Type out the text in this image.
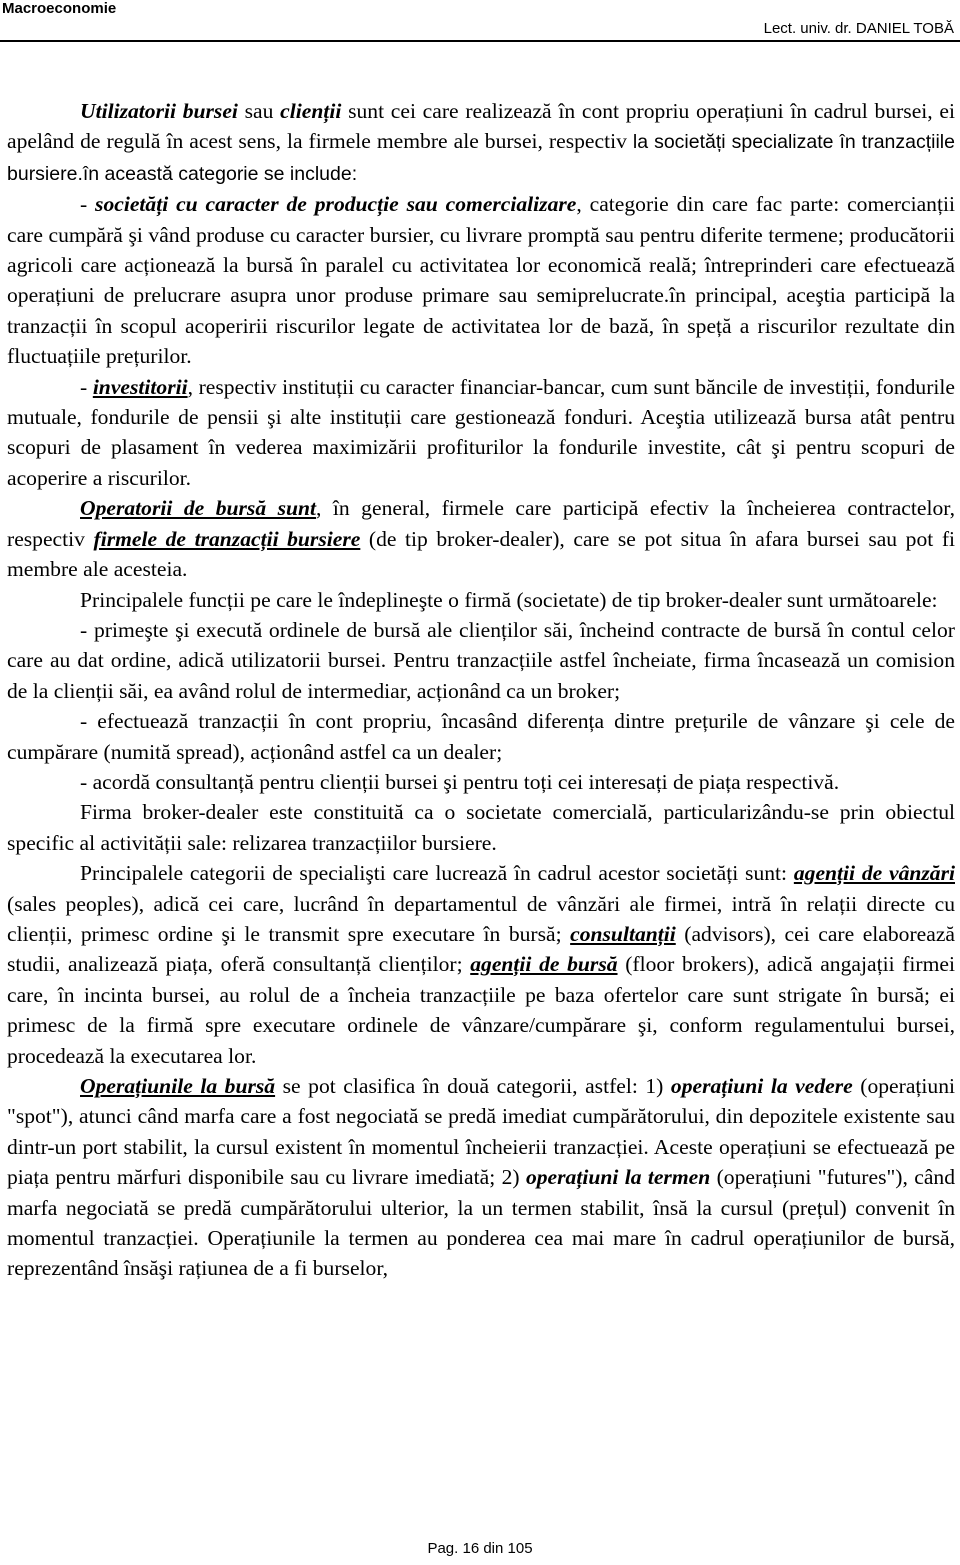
Macroeconomie
Lect. univ. dr. DANIEL TOBĂ

Utilizatorii bursei sau clienții sunt cei care realizează în cont propriu operațiuni în cadrul bursei, ei apelând de regulă în acest sens, la firmele membre ale bursei, respectiv la societăți specializate în tranzacțiile bursiere.în această categorie se include:

- societăți cu caracter de producție sau comercializare, categorie din care fac parte: comercianții care cumpără şi vând produse cu caracter bursier, cu livrare promptă sau pentru diferite termene; producătorii agricoli care acționează la bursă în paralel cu activitatea lor economică reală; întreprinderi care efectuează operațiuni de prelucrare asupra unor produse primare sau semiprelucrate.în principal, aceştia participă la tranzacții în scopul acoperirii riscurilor legate de activitatea lor de bază, în speță a riscurilor rezultate din fluctuațiile prețurilor.

- investitorii, respectiv instituții cu caracter financiar-bancar, cum sunt băncile de investiții, fondurile mutuale, fondurile de pensii şi alte instituții care gestionează fonduri. Aceştia utilizează bursa atât pentru scopuri de plasament în vederea maximizării profiturilor la fondurile investite, cât şi pentru scopuri de acoperire a riscurilor.

Operatorii de bursă sunt, în general, firmele care participă efectiv la încheierea contractelor, respectiv firmele de tranzacții bursiere (de tip broker-dealer), care se pot situa în afara bursei sau pot fi membre ale acesteia.

Principalele funcții pe care le îndeplineşte o firmă (societate) de tip broker-dealer sunt următoarele:

- primeşte şi execută ordinele de bursă ale clienților săi, încheind contracte de bursă în contul celor care au dat ordine, adică utilizatorii bursei. Pentru tranzacțiile astfel încheiate, firma încasează un comision de la clienții săi, ea având rolul de intermediar, acționând ca un broker;

- efectuează tranzacții în cont propriu, încasând diferența dintre prețurile de vânzare şi cele de cumpărare (numită spread), acționând astfel ca un dealer;

- acordă consultanță pentru clienții bursei şi pentru toți cei interesați de piața respectivă.

Firma broker-dealer este constituită ca o societate comercială, particularizându-se prin obiectul specific al activității sale: relizarea tranzacțiilor bursiere.

Principalele categorii de specialişti care lucrează în cadrul acestor societăți sunt: agenții de vânzări (sales peoples), adică cei care, lucrând în departamentul de vânzări ale firmei, intră în relații directe cu clienții, primesc ordine şi le transmit spre executare în bursă; consultanții (advisors), cei care elaborează studii, analizează piața, oferă consultanță clienților; agenții de bursă (floor brokers), adică angajații firmei care, în incinta bursei, au rolul de a încheia tranzacțiile pe baza ofertelor care sunt strigate în bursă; ei primesc de la firmă spre executare ordinele de vânzare/cumpărare şi, conform regulamentului bursei, procedează la executarea lor.

Operațiunile la bursă se pot clasifica în două categorii, astfel: 1) operațiuni la vedere (operațiuni "spot"), atunci când marfa care a fost negociată se predă imediat cumpărătorului, din depozitele existente sau dintr-un port stabilit, la cursul existent în momentul încheierii tranzacției. Aceste operațiuni se efectuează pe piața pentru mărfuri disponibile sau cu livrare imediată; 2) operațiuni la termen (operațiuni "futures"), când marfa negociată se predă cumpărătorului ulterior, la un termen stabilit, însă la cursul (prețul) convenit în momentul tranzacției. Operațiunile la termen au ponderea cea mai mare în cadrul operațiunilor de bursă, reprezentând însăşi rațiunea de a fi burselor,

Pag. 16 din 105
